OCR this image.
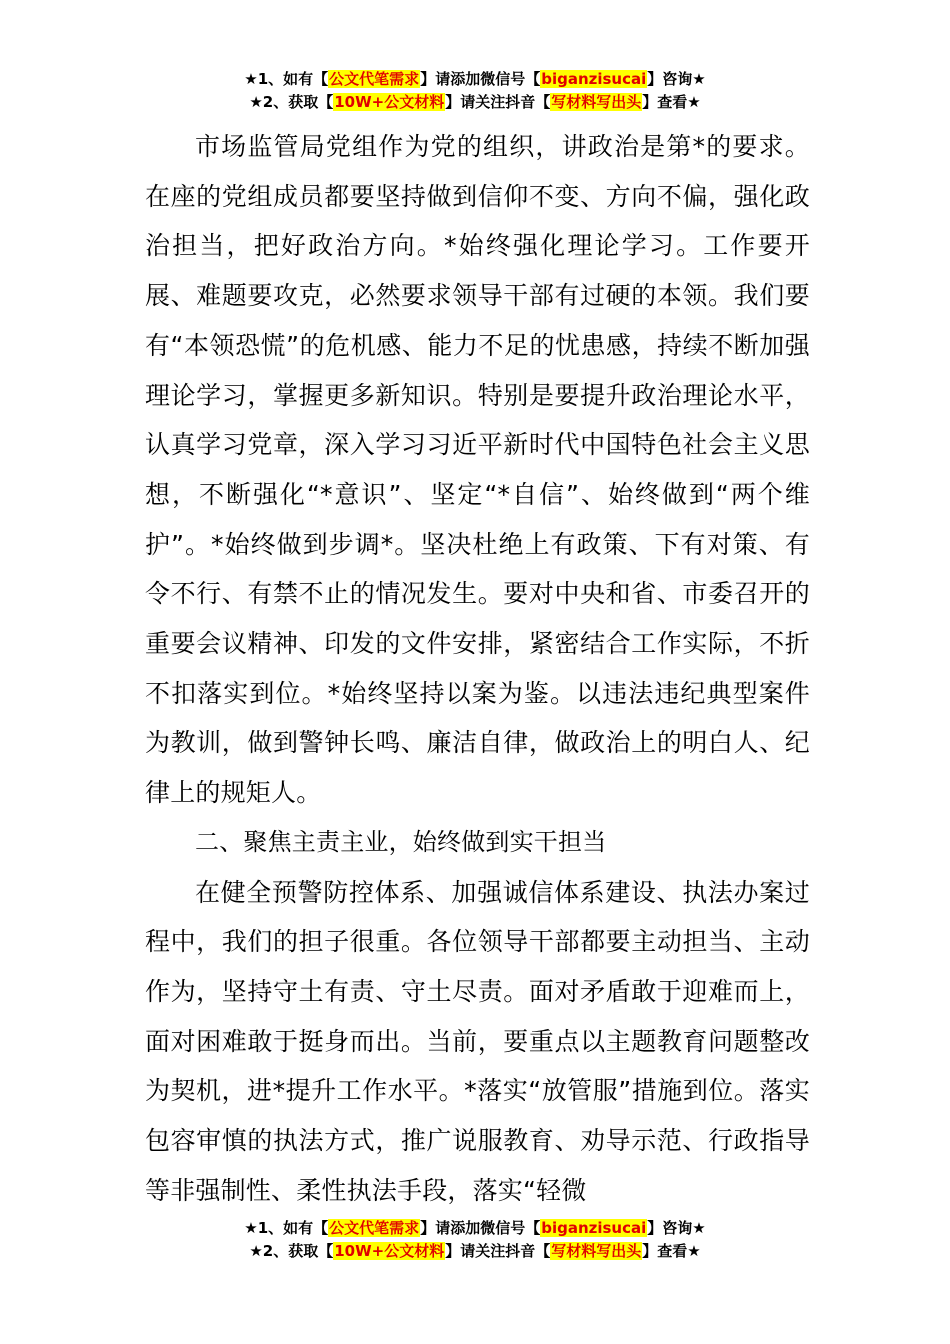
★1、如有【公文代笔需求】请添加微信号【biganzisucai】咨询★
★2、获取【10W+公文材料】请关注抖音【写材料写出头】查看★

市场监管局党组作为党的组织，讲政治是第*的要求。在座的党组成员都要坚持做到信仰不变、方向不偏，强化政治担当，把好政治方向。*始终强化理论学习。工作要开展、难题要攻克，必然要求领导干部有过硬的本领。我们要有“本领恐慌”的危机感、能力不足的忧患感，持续不断加强理论学习，掌握更多新知识。特别是要提升政治理论水平，认真学习党章，深入学习习近平新时代中国特色社会主义思想，不断强化“*意识”、坚定“*自信”、始终做到“两个维护”。*始终做到步调*。坚决杜绝上有政策、下有对策、有令不行、有禁不止的情况发生。要对中央和省、市委召开的重要会议精神、印发的文件安排，紧密结合工作实际，不折不扣落实到位。*始终坚持以案为鉴。以违法违纪典型案件为教训，做到警钟长鸣、廉洁自律，做政治上的明白人、纪律上的规矩人。

二、聚焦主责主业，始终做到实干担当

在健全预警防控体系、加强诚信体系建设、执法办案过程中，我们的担子很重。各位领导干部都要主动担当、主动作为，坚持守土有责、守土尽责。面对矛盾敢于迎难而上，面对困难敢于挺身而出。当前，要重点以主题教育问题整改为契机，进*提升工作水平。*落实“放管服”措施到位。落实包容审慎的执法方式，推广说服教育、劝导示范、行政指导等非强制性、柔性执法手段，落实“轻微

★1、如有【公文代笔需求】请添加微信号【biganzisucai】咨询★
★2、获取【10W+公文材料】请关注抖音【写材料写出头】查看★
